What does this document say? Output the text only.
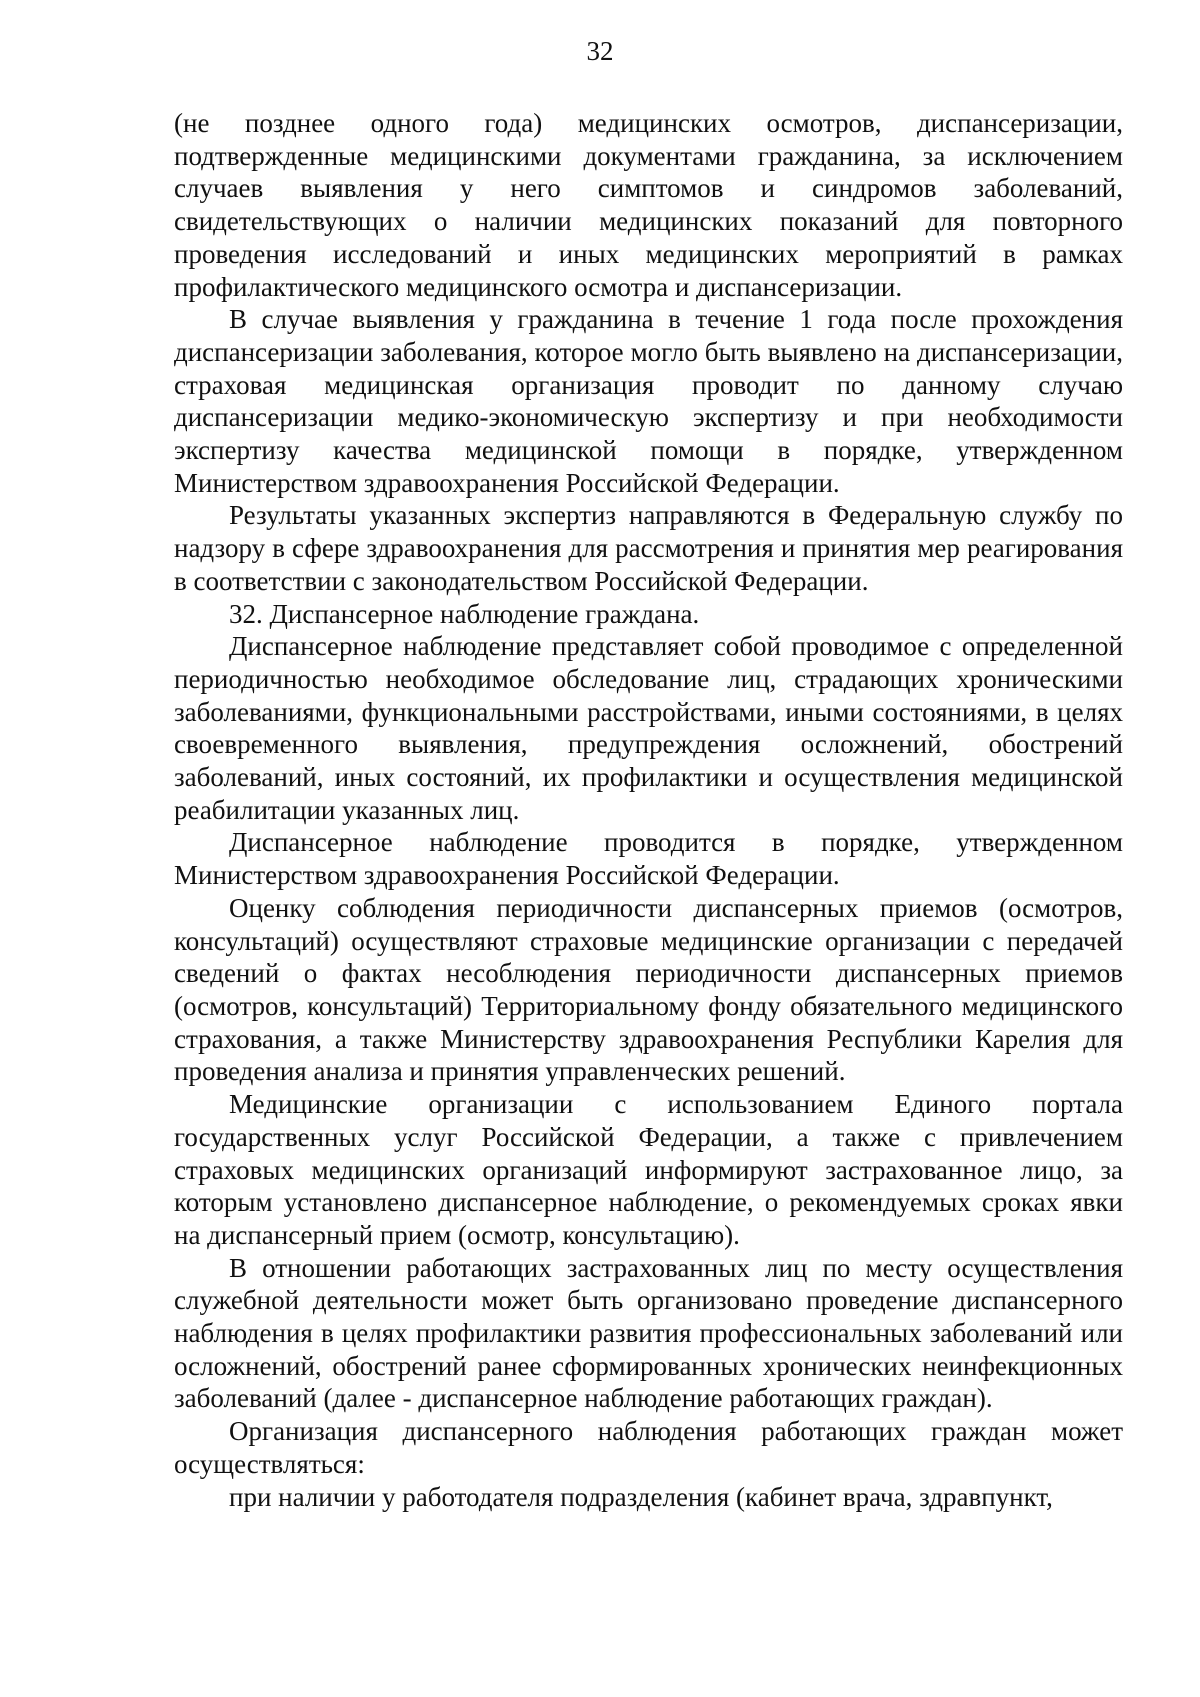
32

(не позднее одного года) медицинских осмотров, диспансеризации, подтвержденные медицинскими документами гражданина, за исключением случаев выявления у него симптомов и синдромов заболеваний, свидетельствующих о наличии медицинских показаний для повторного проведения исследований и иных медицинских мероприятий в рамках профилактического медицинского осмотра и диспансеризации.

В случае выявления у гражданина в течение 1 года после прохождения диспансеризации заболевания, которое могло быть выявлено на диспансеризации, страховая медицинская организация проводит по данному случаю диспансеризации медико-экономическую экспертизу и при необходимости экспертизу качества медицинской помощи в порядке, утвержденном Министерством здравоохранения Российской Федерации.

Результаты указанных экспертиз направляются в Федеральную службу по надзору в сфере здравоохранения для рассмотрения и принятия мер реагирования в соответствии с законодательством Российской Федерации.

32. Диспансерное наблюдение граждана.

Диспансерное наблюдение представляет собой проводимое с определенной периодичностью необходимое обследование лиц, страдающих хроническими заболеваниями, функциональными расстройствами, иными состояниями, в целях своевременного выявления, предупреждения осложнений, обострений заболеваний, иных состояний, их профилактики и осуществления медицинской реабилитации указанных лиц.

Диспансерное наблюдение проводится в порядке, утвержденном Министерством здравоохранения Российской Федерации.

Оценку соблюдения периодичности диспансерных приемов (осмотров, консультаций) осуществляют страховые медицинские организации с передачей сведений о фактах несоблюдения периодичности диспансерных приемов (осмотров, консультаций) Территориальному фонду обязательного медицинского страхования, а также Министерству здравоохранения Республики Карелия для проведения анализа и принятия управленческих решений.

Медицинские организации с использованием Единого портала государственных услуг Российской Федерации, а также с привлечением страховых медицинских организаций информируют застрахованное лицо, за которым установлено диспансерное наблюдение, о рекомендуемых сроках явки на диспансерный прием (осмотр, консультацию).

В отношении работающих застрахованных лиц по месту осуществления служебной деятельности может быть организовано проведение диспансерного наблюдения в целях профилактики развития профессиональных заболеваний или осложнений, обострений ранее сформированных хронических неинфекционных заболеваний (далее - диспансерное наблюдение работающих граждан).

Организация диспансерного наблюдения работающих граждан может осуществляться:

при наличии у работодателя подразделения (кабинет врача, здравпункт,
